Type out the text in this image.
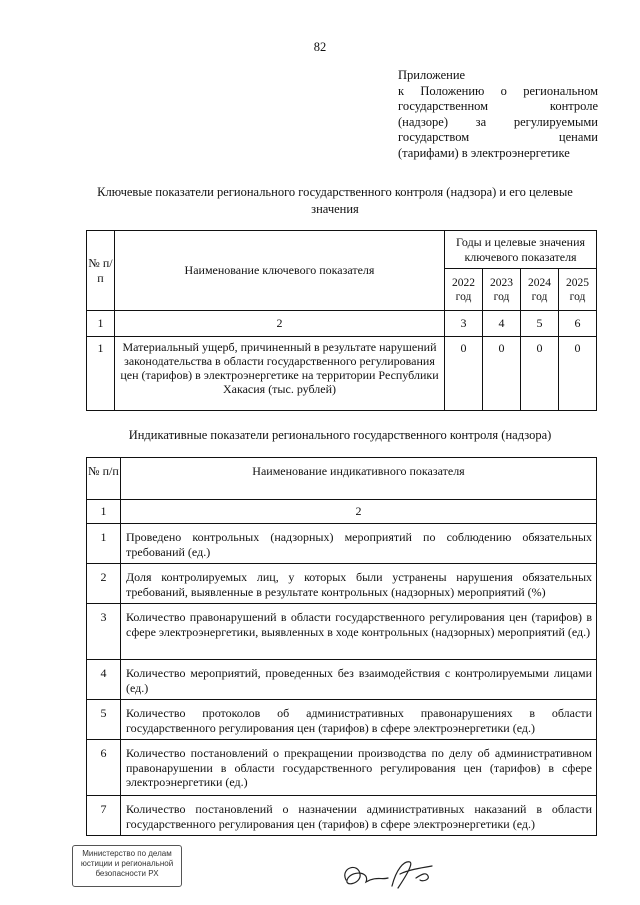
82
Приложение
к Положению о региональном
государственном контроле
(надзоре) за регулируемыми
государством ценами
(тарифами) в электроэнергетике
Ключевые показатели регионального государственного контроля (надзора) и его целевые значения
№ п/п	Наименование ключевого показателя	Годы и целевые значения ключевого показателя			
		2022 год	2023 год	2024 год	2025 год
1	2	3	4	5	6
1	Материальный ущерб, причиненный в результате нарушений законодательства в области государственного регулирования цен (тарифов) в электроэнергетике на территории Республики Хакасия (тыс. рублей)	0	0	0	0
Индикативные показатели регионального государственного контроля (надзора)
№ п/п	Наименование индикативного показателя
1	2
1	Проведено контрольных (надзорных) мероприятий по соблюдению обязательных требований (ед.)
2	Доля контролируемых лиц, у которых были устранены нарушения обязательных требований, выявленные в результате контрольных (надзорных) мероприятий (%)
3	Количество правонарушений в области государственного регулирования цен (тарифов) в сфере электроэнергетики, выявленных в ходе контрольных (надзорных) мероприятий (ед.)
4	Количество мероприятий, проведенных без взаимодействия с контролируемыми лицами (ед.)
5	Количество протоколов об административных правонарушениях в области государственного регулирования цен (тарифов) в сфере электроэнергетики (ед.)
6	Количество постановлений о прекращении производства по делу об административном правонарушении в области государственного регулирования цен (тарифов) в сфере электроэнергетики (ед.)
7	Количество постановлений о назначении административных наказаний в области государственного регулирования цен (тарифов) в сфере электроэнергетики (ед.)
Министерство по делам
юстиции и региональной
безопасности РХ
